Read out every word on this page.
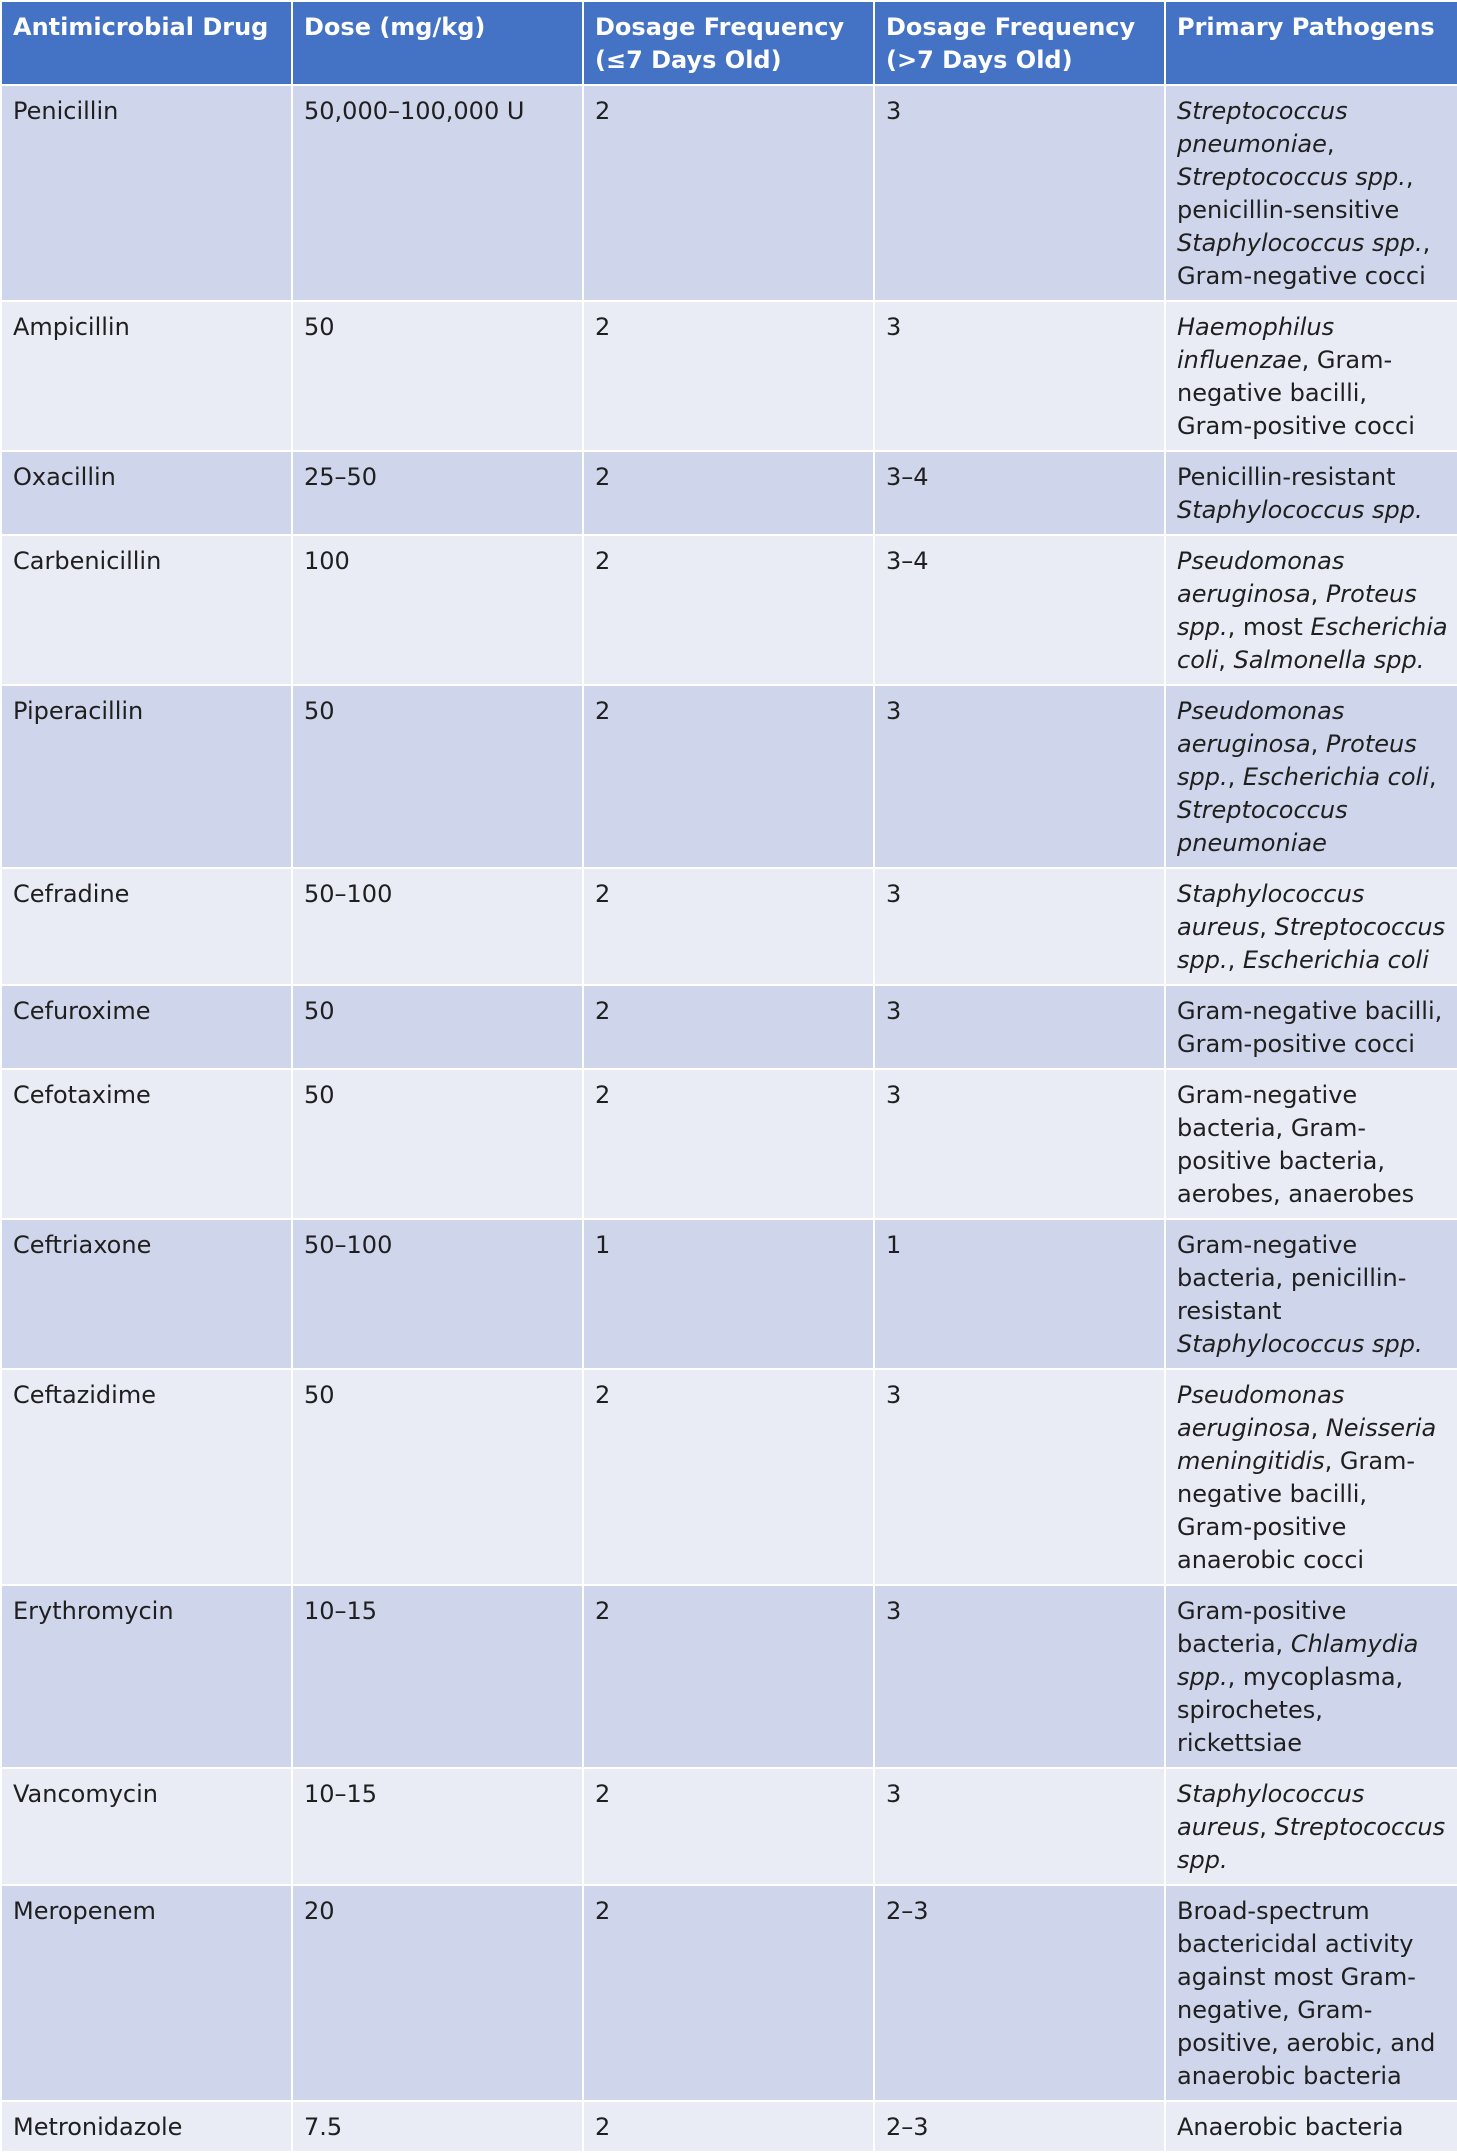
Antimicrobial Drug	Dose (mg/kg)	Dosage Frequency (≤7 Days Old)	Dosage Frequency (>7 Days Old)	Primary Pathogens
Penicillin	50,000–100,000 U	2	3	Streptococcus pneumoniae, Streptococcus spp., penicillin-sensitive Staphylococcus spp., Gram-negative cocci
Ampicillin	50	2	3	Haemophilus influenzae, Gram-negative bacilli, Gram-positive cocci
Oxacillin	25–50	2	3–4	Penicillin-resistant Staphylococcus spp.
Carbenicillin	100	2	3–4	Pseudomonas aeruginosa, Proteus spp., most Escherichia coli, Salmonella spp.
Piperacillin	50	2	3	Pseudomonas aeruginosa, Proteus spp., Escherichia coli, Streptococcus pneumoniae
Cefradine	50–100	2	3	Staphylococcus aureus, Streptococcus spp., Escherichia coli
Cefuroxime	50	2	3	Gram-negative bacilli, Gram-positive cocci
Cefotaxime	50	2	3	Gram-negative bacteria, Gram-positive bacteria, aerobes, anaerobes
Ceftriaxone	50–100	1	1	Gram-negative bacteria, penicillin-resistant Staphylococcus spp.
Ceftazidime	50	2	3	Pseudomonas aeruginosa, Neisseria meningitidis, Gram-negative bacilli, Gram-positive anaerobic cocci
Erythromycin	10–15	2	3	Gram-positive bacteria, Chlamydia spp., mycoplasma, spirochetes, rickettsiae
Vancomycin	10–15	2	3	Staphylococcus aureus, Streptococcus spp.
Meropenem	20	2	2–3	Broad-spectrum bactericidal activity against most Gram-negative, Gram-positive, aerobic, and anaerobic bacteria
Metronidazole	7.5	2	2–3	Anaerobic bacteria
